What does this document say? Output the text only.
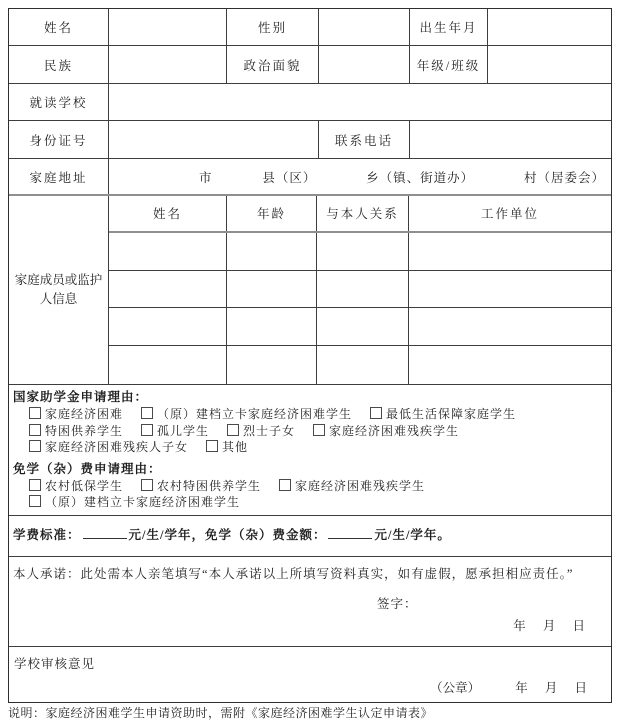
姓名	性别	出生年月
民族	政治面貌	年级/班级
就读学校
身份证号	联系电话
家庭地址	市	县（区）	乡（镇、街道办）	村（居委会）
家庭成员或监护人信息
姓名	年龄	与本人关系	工作单位
国家助学金申请理由：
家庭经济困难	（原）建档立卡家庭经济困难学生	最低生活保障家庭学生
特困供养学生	孤儿学生	烈士子女	家庭经济困难残疾学生
家庭经济困难残疾人子女	其他
免学（杂）费申请理由：
农村低保学生	农村特困供养学生	家庭经济困难残疾学生
（原）建档立卡家庭经济困难学生
学费标准：	元/生/学年，免学（杂）费金额：	元/生/学年。
本人承诺：此处需本人亲笔填写“本人承诺以上所填写资料真实，如有虚假，愿承担相应责任。”
签字：
年 月 日
学校审核意见
（公章）	年 月 日
说明：家庭经济困难学生申请资助时，需附《家庭经济困难学生认定申请表》
